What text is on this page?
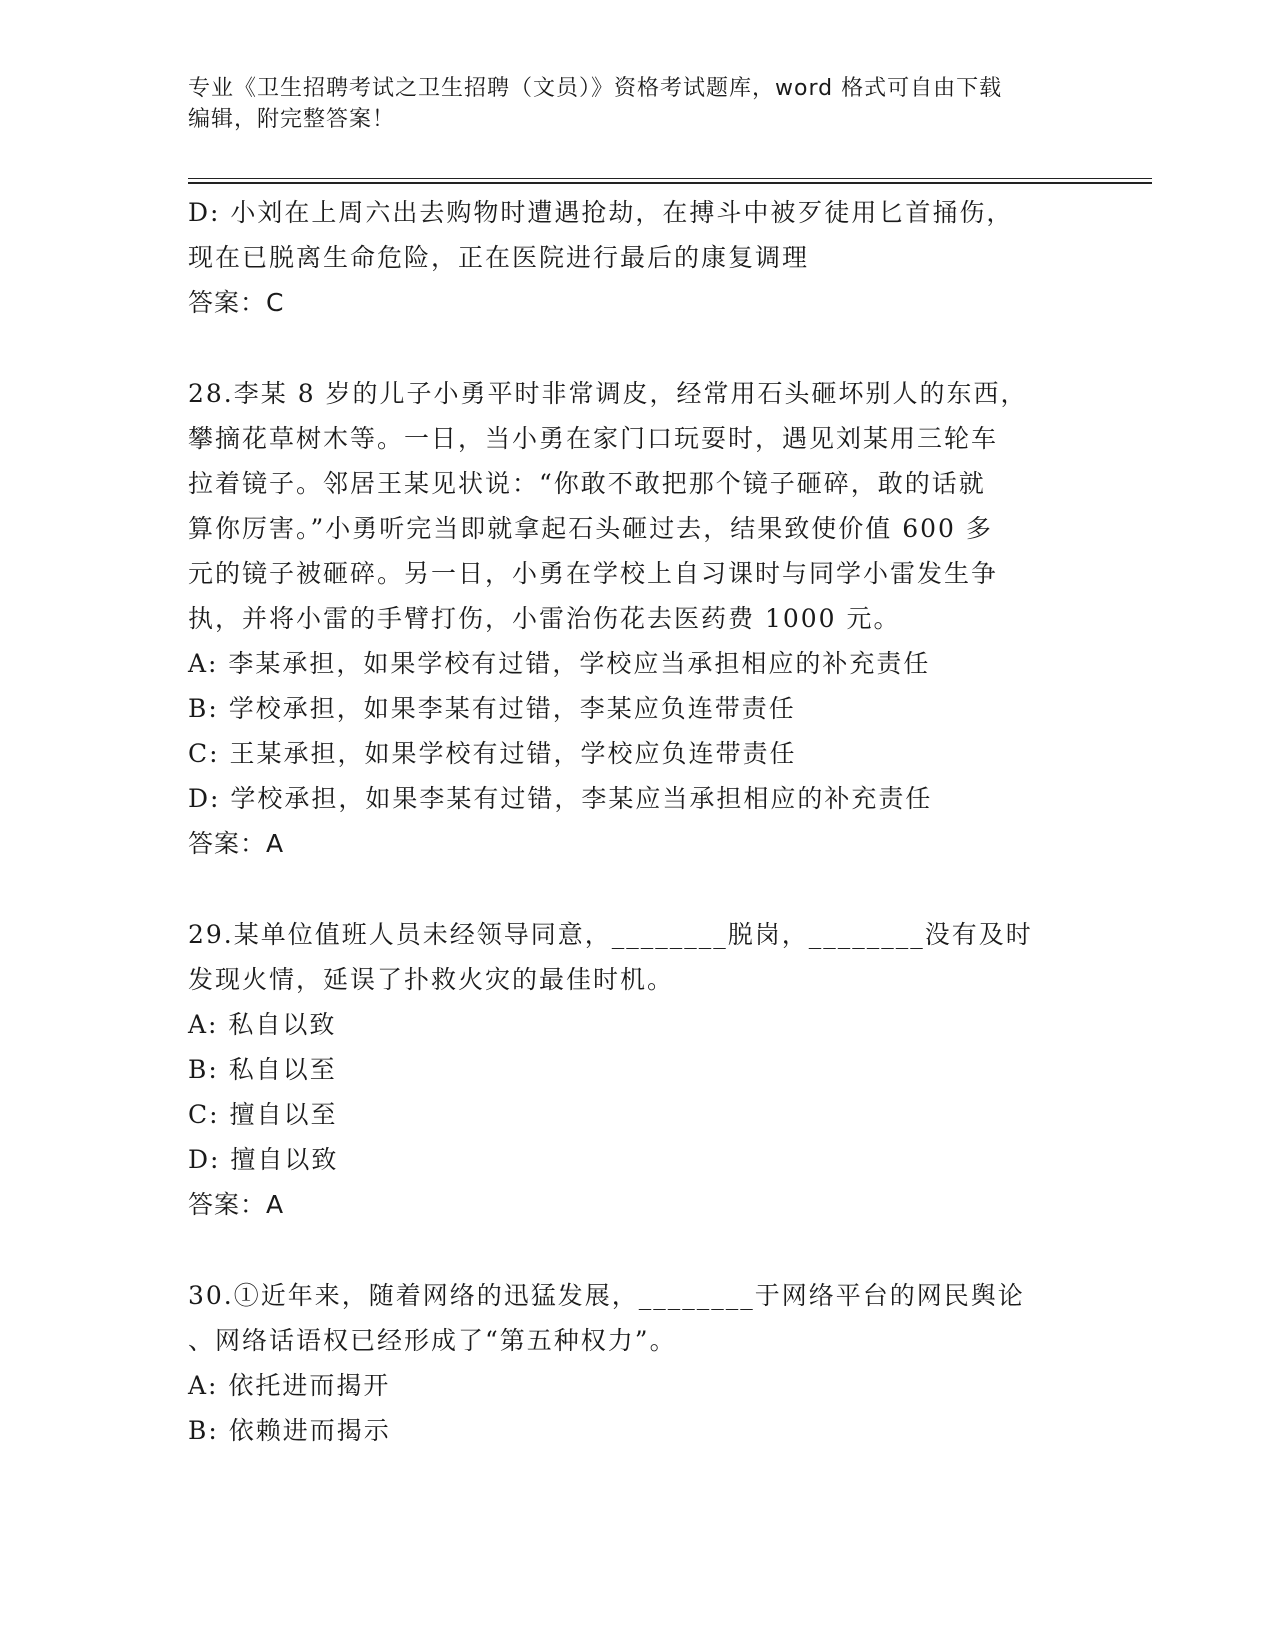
专业《卫生招聘考试之卫生招聘（文员）》资格考试题库，word 格式可自由下载
编辑，附完整答案！
D: 小刘在上周六出去购物时遭遇抢劫，在搏斗中被歹徒用匕首捅伤，
现在已脱离生命危险，正在医院进行最后的康复调理
答案：C
28.李某 8 岁的儿子小勇平时非常调皮，经常用石头砸坏别人的东西，
攀摘花草树木等。一日，当小勇在家门口玩耍时，遇见刘某用三轮车
拉着镜子。邻居王某见状说：“你敢不敢把那个镜子砸碎，敢的话就
算你厉害。”小勇听完当即就拿起石头砸过去，结果致使价值 600 多
元的镜子被砸碎。另一日，小勇在学校上自习课时与同学小雷发生争
执，并将小雷的手臂打伤，小雷治伤花去医药费 1000 元。
A: 李某承担，如果学校有过错，学校应当承担相应的补充责任
B: 学校承担，如果李某有过错，李某应负连带责任
C: 王某承担，如果学校有过错，学校应负连带责任
D: 学校承担，如果李某有过错，李某应当承担相应的补充责任
答案：A
29.某单位值班人员未经领导同意，________脱岗，________没有及时
发现火情，延误了扑救火灾的最佳时机。
A: 私自以致
B: 私自以至
C: 擅自以至
D: 擅自以致
答案：A
30.①近年来，随着网络的迅猛发展，________于网络平台的网民舆论
、网络话语权已经形成了“第五种权力”。
A: 依托进而揭开
B: 依赖进而揭示
